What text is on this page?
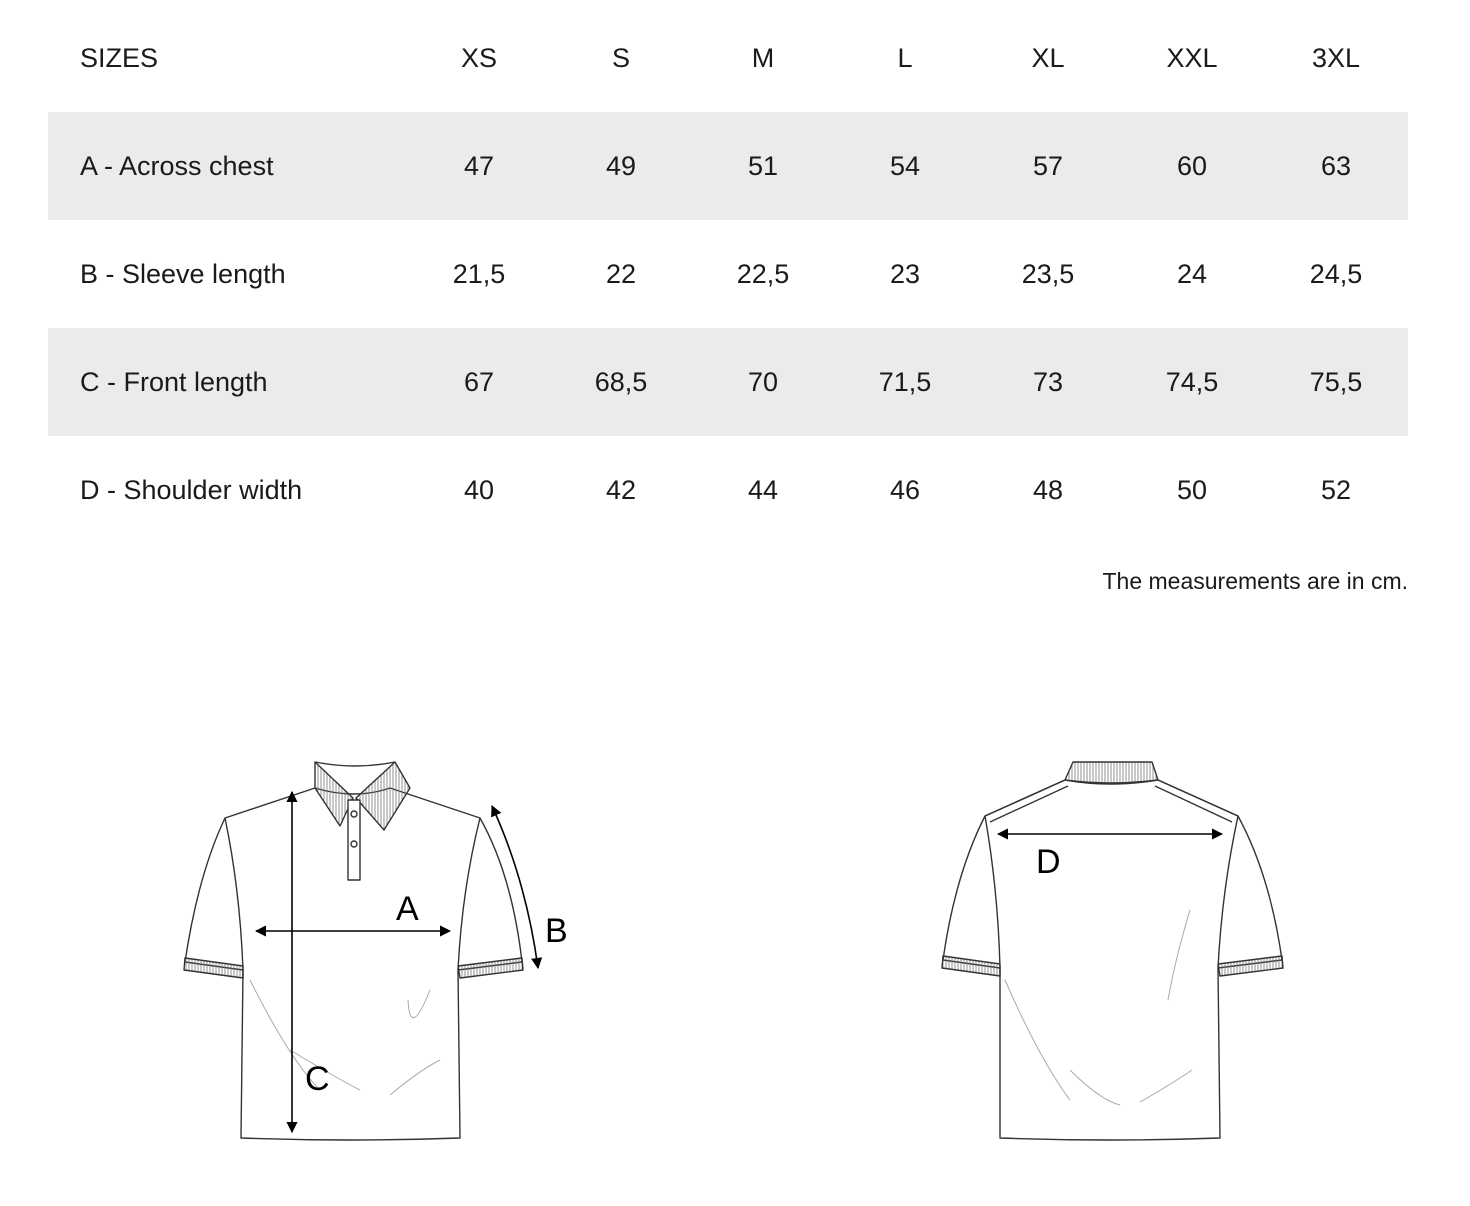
SIZES	XS	S	M	L	XL	XXL	3XL
A - Across chest	47	49	51	54	57	60	63
B - Sleeve length	21,5	22	22,5	23	23,5	24	24,5
C - Front length	67	68,5	70	71,5	73	74,5	75,5
D - Shoulder width	40	42	44	46	48	50	52
The measurements are in cm.
A
B
C
D
